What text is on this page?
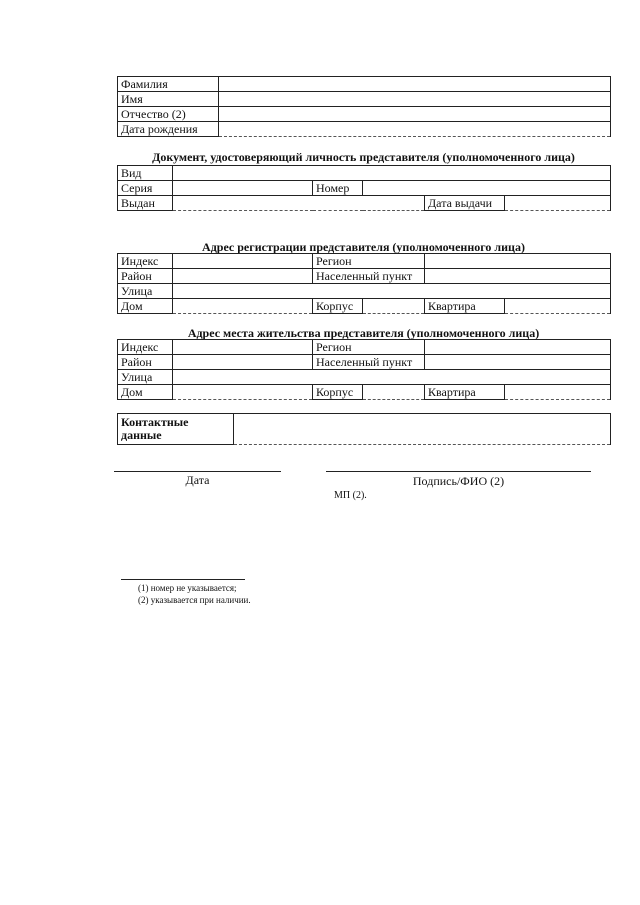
Фамилия	
Имя	
Отчество (2)	
Дата рождения	
Документ, удостоверяющий личность представителя (уполномоченного лица)
Вид					
Серия		Номер			
Выдан				Дата выдачи	
Адрес регистрации представителя (уполномоченного лица)
Индекс		Регион			
Район		Населенный пункт			
Улица					
Дом		Корпус		Квартира	
Адрес места жительства представителя (уполномоченного лица)
Индекс		Регион			
Район		Населенный пункт			
Улица					
Дом		Корпус		Квартира	
Контактные данные	
Дата	Подпись/ФИО (2)
МП (2).
(1) номер не указывается;
(2) указывается при наличии.
